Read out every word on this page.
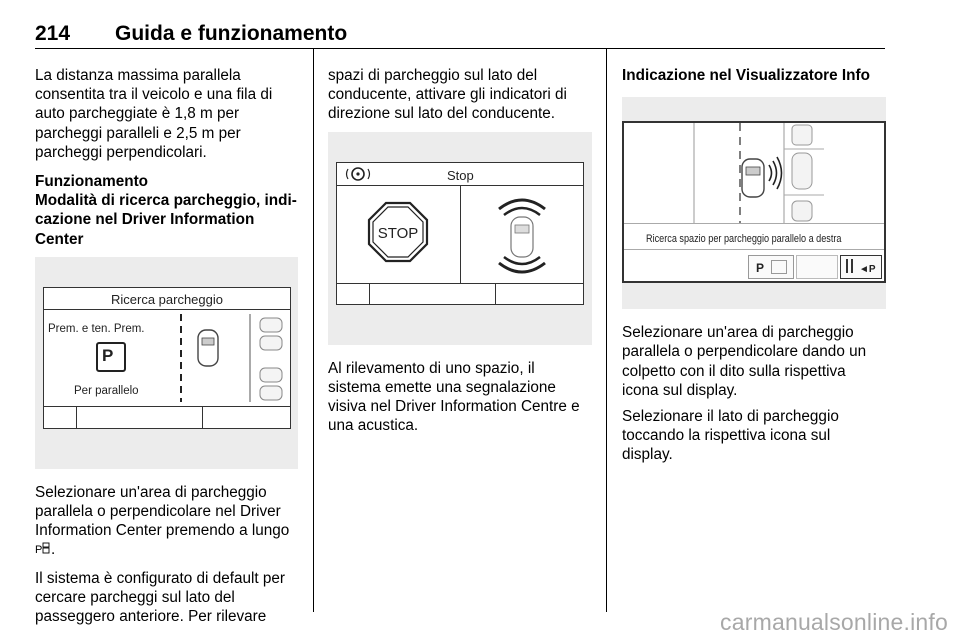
214 Guida e funzionamento

La distanza massima parallela
consentita tra il veicolo e una fila di
auto parcheggiate è 1,8 m per
parcheggi paralleli e 2,5 m per
parcheggi perpendicolari.

Funzionamento

Modalità di ricerca parcheggio, indi-
cazione nel Driver Information Center

Ricerca parcheggio
Prem. e ten. Prem.
P
Per parallelo

Selezionare un'area di parcheggio
parallela o perpendicolare nel Driver
Information Center premendo a lungo

P .

Il sistema è configurato di default per
cercare parcheggi sul lato del
passeggero anteriore. Per rilevare

spazi di parcheggio sul lato del
conducente, attivare gli indicatori di
direzione sul lato del conducente.

Stop
STOP

Al rilevamento di uno spazio, il
sistema emette una segnalazione
visiva nel Driver Information Centre e
una acustica.

Indicazione nel Visualizzatore Info

Ricerca spazio per parcheggio parallelo a destra
P	◄P

Selezionare un'area di parcheggio
parallela o perpendicolare dando un
colpetto con il dito sulla rispettiva
icona sul display.

Selezionare il lato di parcheggio
toccando la rispettiva icona sul
display.

carmanualsonline.info
